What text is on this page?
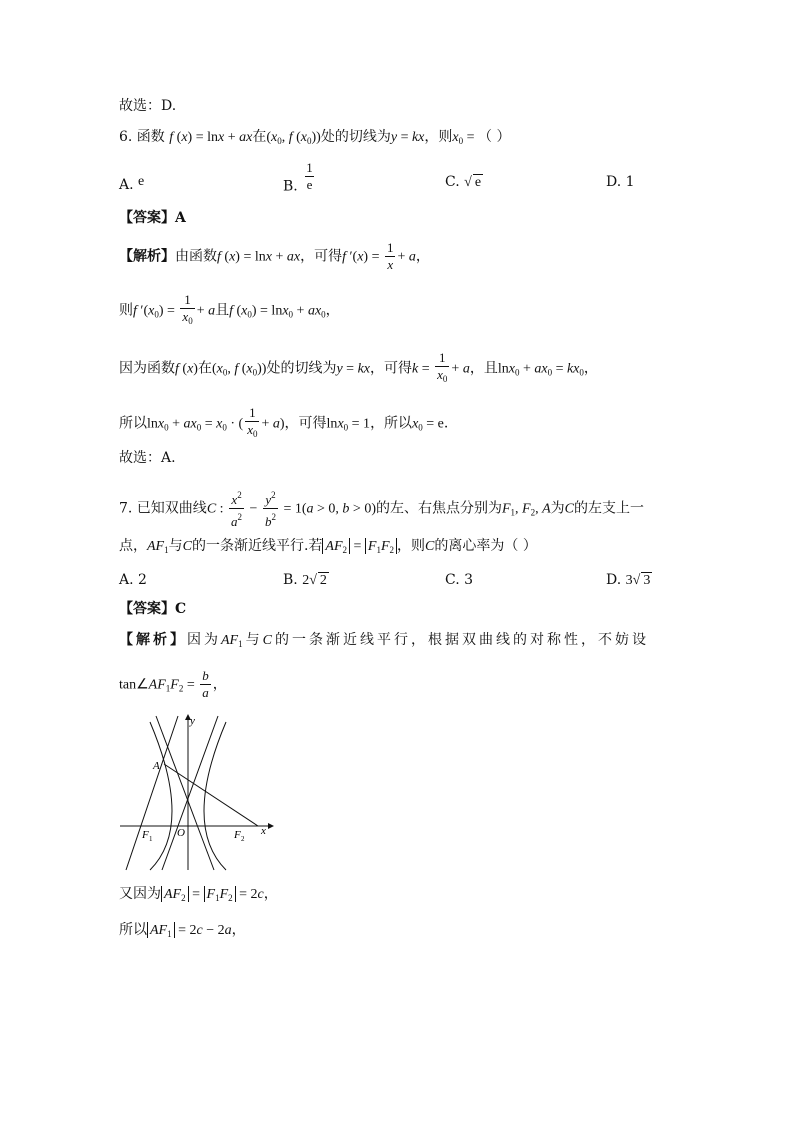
故选：D.
6. 函数 f (x) = lnx + ax在($x_0$, f $(x_0)$)处的切线为y = kx，则$x_0$ = （ ）
A. e	B. $\frac{1}{e}$	C. √ e	D. 1
【答案】A
【解析】由函数f (x) = lnx + ax，可得f $'(x) = \frac{1}{x} + a$，
则f $'(x_0) = \frac{1}{x_0} + a$且f $(x_0) = \ln x_0 + ax_0$，
因为函数f (x)在($x_0$, f $(x_0)$)处的切线为y = kx，可得$k = \frac{1}{x_0} + a$，且$\ln x_0 + ax_0 = kx_0$，
所以$\ln x_0 + ax_0 = x_0$ · ( $\frac{1}{x_0} + a$)，可得lnx$_0$ = 1，所以$x_0 = e$.
故选：A.
7. 已知双曲线C : $\frac{x^2}{a^2} - \frac{y^2}{b^2} = 1(a > 0$, b > 0)的左、右焦点分别为$F_1$, $F_2$, A为C的左支上一
点，$AF_1$与C的一条渐近线平行.若 $AF_2 = F_1F_2$ ，则C的离心率为（ ）
A. 2	B. 2√ 2	C. 3	D. 3√ 3
【答案】C
【解析】因为$AF_1$与C的一条渐近线平行，根据双曲线的对称性，不妨设
$\tan\angle AF_1F_2 = \frac{b}{a}$ ，
y
x
A
O
F 1	F 2
又因为 $AF_2 = F_1F_2 = 2c$，
所以 $AF_1 = 2c - 2a$，
